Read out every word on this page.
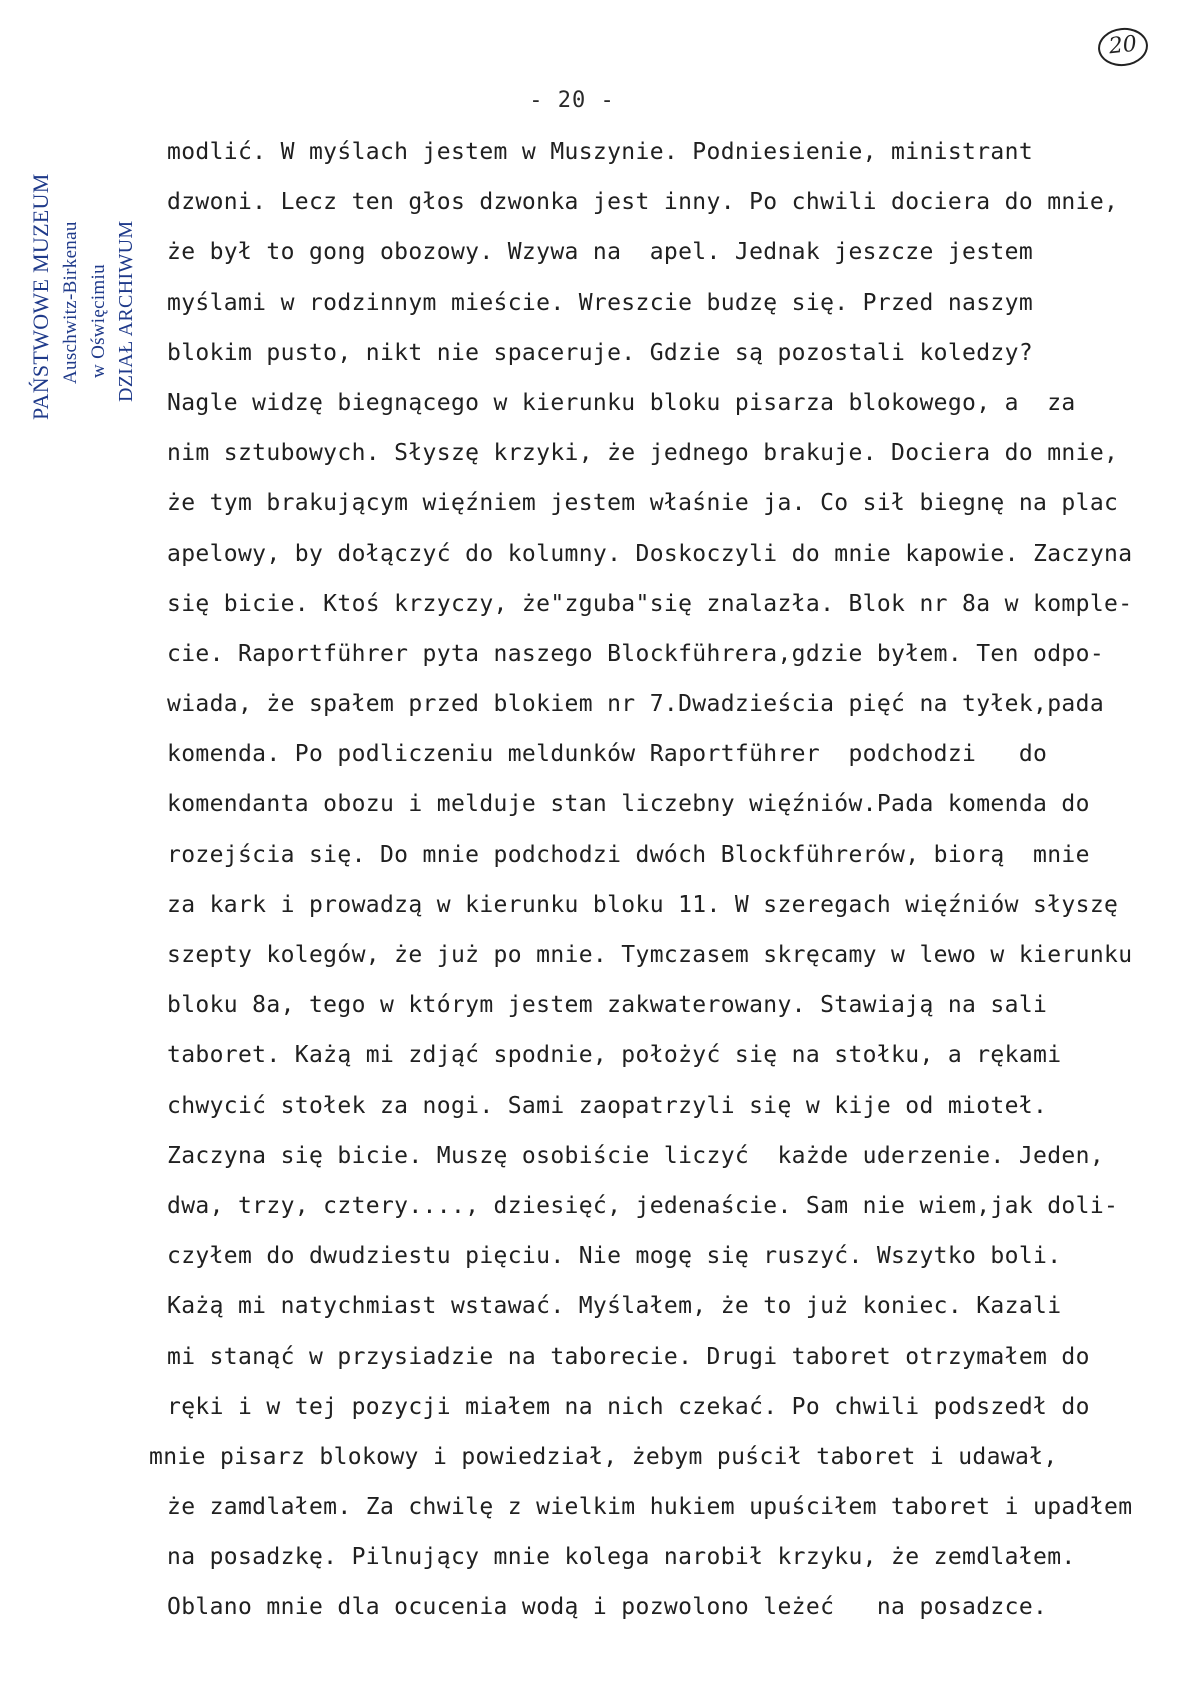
PAŃSTWOWE MUZEUM Auschwitz-Birkenau w Oświęcimiu DZIAŁ ARCHIWUM
20
- 20 -
modlić. W myślach jestem w Muszynie. Podniesienie, ministrant
dzwoni. Lecz ten głos dzwonka jest inny. Po chwili dociera do mnie,
że był to gong obozowy. Wzywa na  apel. Jednak jeszcze jestem
myślami w rodzinnym mieście. Wreszcie budzę się. Przed naszym
blokim pusto, nikt nie spaceruje. Gdzie są pozostali koledzy?
Nagle widzę biegnącego w kierunku bloku pisarza blokowego, a  za
nim sztubowych. Słyszę krzyki, że jednego brakuje. Dociera do mnie,
że tym brakującym więźniem jestem właśnie ja. Co sił biegnę na plac
apelowy, by dołączyć do kolumny. Doskoczyli do mnie kapowie. Zaczyna
się bicie. Ktoś krzyczy, że"zguba"się znalazła. Blok nr 8a w komple-
cie. Raportführer pyta naszego Blockführera,gdzie byłem. Ten odpo-
wiada, że spałem przed blokiem nr 7.Dwadzieścia pięć na tyłek,pada
komenda. Po podliczeniu meldunków Raportführer  podchodzi   do
komendanta obozu i melduje stan liczebny więźniów.Pada komenda do
rozejścia się. Do mnie podchodzi dwóch Blockführerów, biorą  mnie
za kark i prowadzą w kierunku bloku 11. W szeregach więźniów słyszę
szepty kolegów, że już po mnie. Tymczasem skręcamy w lewo w kierunku
bloku 8a, tego w którym jestem zakwaterowany. Stawiają na sali
taboret. Każą mi zdjąć spodnie, położyć się na stołku, a rękami
chwycić stołek za nogi. Sami zaopatrzyli się w kije od mioteł.
Zaczyna się bicie. Muszę osobiście liczyć  każde uderzenie. Jeden,
dwa, trzy, cztery...., dziesięć, jedenaście. Sam nie wiem,jak doli-
czyłem do dwudziestu pięciu. Nie mogę się ruszyć. Wszytko boli.
Każą mi natychmiast wstawać. Myślałem, że to już koniec. Kazali
mi stanąć w przysiadzie na taborecie. Drugi taboret otrzymałem do
ręki i w tej pozycji miałem na nich czekać. Po chwili podszedł do
mnie pisarz blokowy i powiedział, żebym puścił taboret i udawał,
że zamdlałem. Za chwilę z wielkim hukiem upuściłem taboret i upadłem
na posadzkę. Pilnujący mnie kolega narobił krzyku, że zemdlałem.
Oblano mnie dla ocucenia wodą i pozwolono leżeć   na posadzce.
